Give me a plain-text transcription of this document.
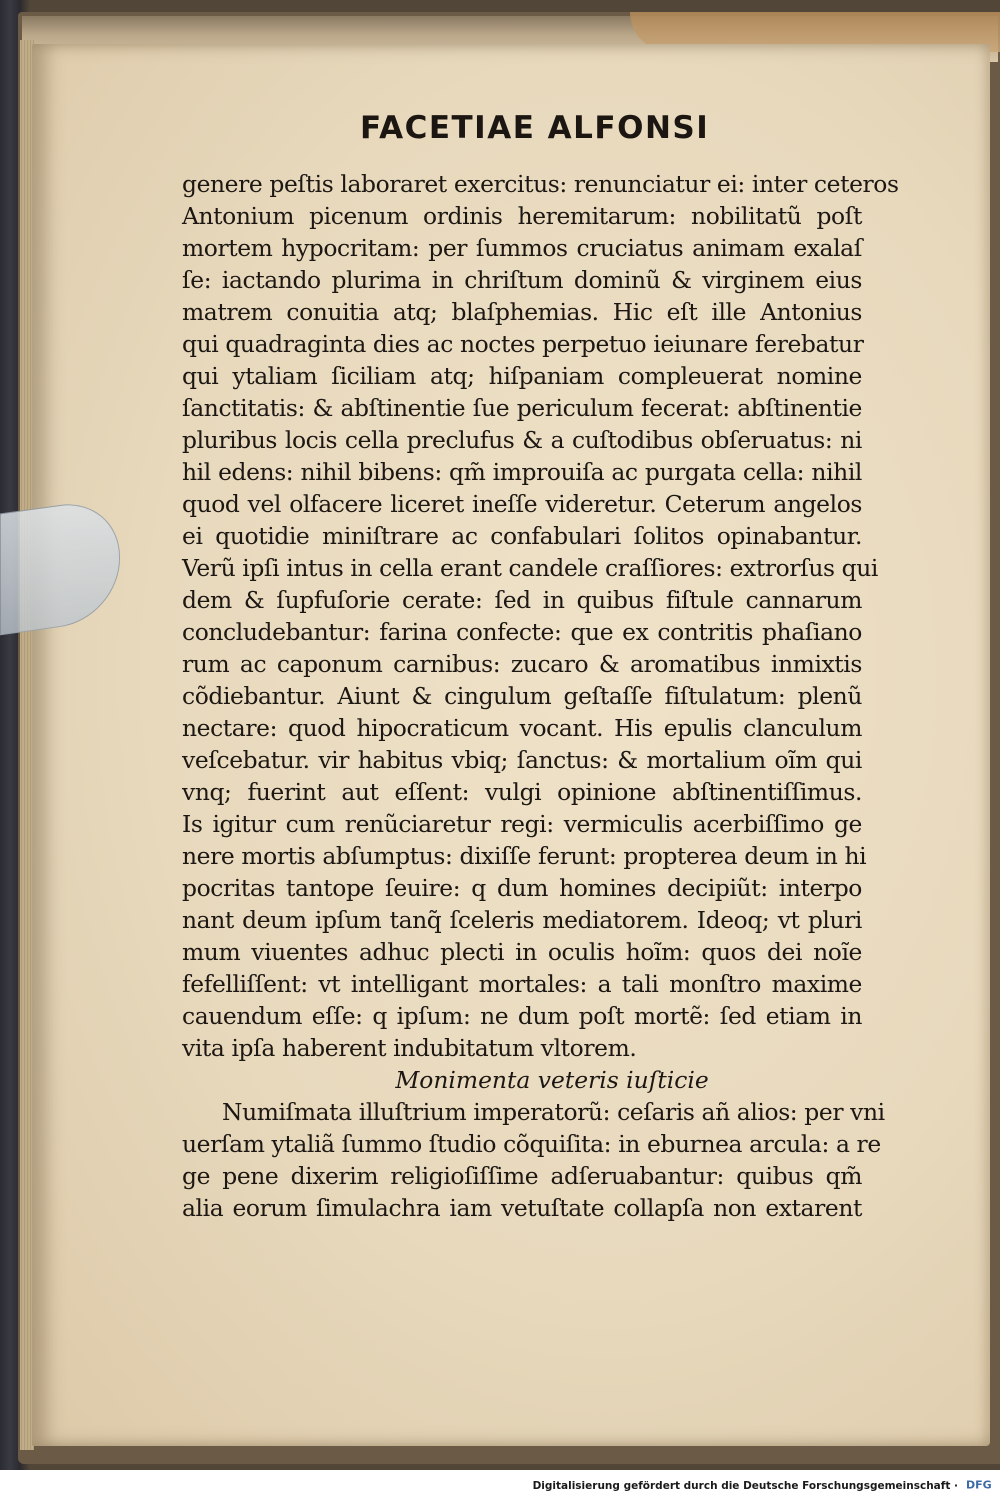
FACETIAE ALFONSI
genere peſtis laboraret exercitus: renunciatur ei: inter ceteros
Antonium picenum ordinis heremitarum: nobilitatũ poſt
mortem hypocritam: per ſummos cruciatus animam exalaſ
ſe: iactando plurima in chriſtum dominũ & virginem eius
matrem conuitia atq; blaſphemias. Hic eſt ille Antonius
qui quadraginta dies ac noctes perpetuo ieiunare ferebatur
qui ytaliam ſiciliam atq; hiſpaniam compleuerat nomine
ſanctitatis: & abſtinentie ſue periculum fecerat: abſtinentie
pluribus locis cella preclufus & a cuſtodibus obſeruatus: ni
hil edens: nihil bibens: qm̃ improuiſa ac purgata cella: nihil
quod vel olfacere liceret ineſſe videretur. Ceterum angelos
ei quotidie miniſtrare ac confabulari ſolitos opinabantur.
Verũ ipſi intus in cella erant candele craſſiores: extrorſus qui
dem & ſupfuſorie cerate: ſed in quibus fiſtule cannarum
concludebantur: farina confecte: que ex contritis phaſiano
rum ac caponum carnibus: zucaro & aromatibus inmixtis
cõdiebantur. Aiunt & cingulum geſtaſſe fiſtulatum: plenũ
nectare: quod hipocraticum vocant. His epulis clanculum
veſcebatur. vir habitus vbiq; ſanctus: & mortalium oĩm qui
vnq; fuerint aut eſſent: vulgi opinione abſtinentiſſimus.
Is igitur cum renũciaretur regi: vermiculis acerbiſſimo ge
nere mortis abſumptus: dixiſſe ferunt: propterea deum in hi
pocritas tantope ſeuire: q dum homines decipiũt: interpo
nant deum ipſum tanq̃ ſceleris mediatorem. Ideoq; vt pluri
mum viuentes adhuc plecti in oculis hoĩm: quos dei noĩe
fefelliſſent: vt intelligant mortales: a tali monſtro maxime
cauendum eſſe: q ipſum: ne dum poſt mortẽ: ſed etiam in
vita ipſa haberent indubitatum vltorem.
Monimenta veteris iuſticie
Numiſmata illuſtrium imperatorũ: ceſaris añ alios: per vni
uerſam ytaliã ſummo ſtudio cõquiſita: in eburnea arcula: a re
ge pene dixerim religioſiſſime adſeruabantur: quibus qm̃
alia eorum ſimulachra iam vetuſtate collapſa non extarent
Digitalisierung gefördert durch die Deutsche Forschungsgemeinschaft · DFG
